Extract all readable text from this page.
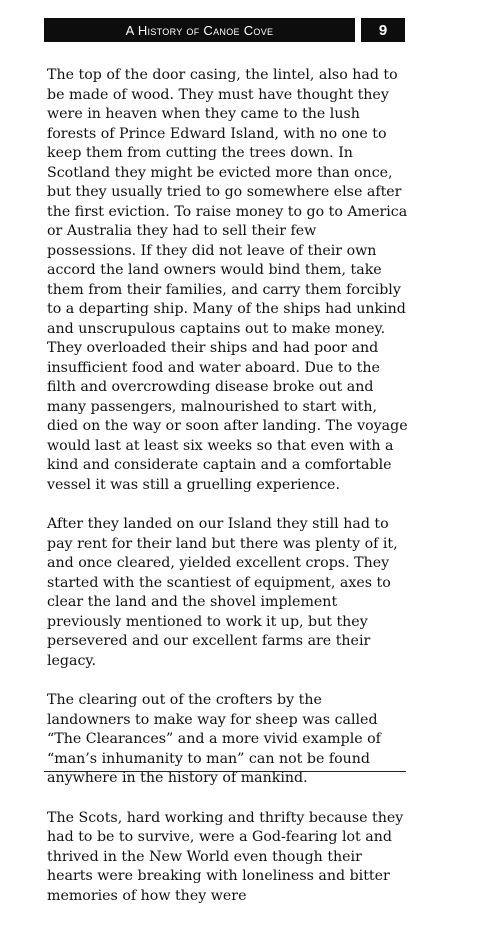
A History of Canoe Cove	9

The top of the door casing, the lintel, also had to be made of wood. They must have thought they were in heaven when they came to the lush forests of Prince Edward Island, with no one to keep them from cutting the trees down. In Scotland they might be evicted more than once, but they usually tried to go somewhere else after the first eviction. To raise money to go to America or Australia they had to sell their few possessions. If they did not leave of their own accord the land owners would bind them, take them from their families, and carry them forcibly to a departing ship. Many of the ships had unkind and unscrupulous captains out to make money. They overloaded their ships and had poor and insufficient food and water aboard. Due to the filth and overcrowding disease broke out and many passengers, malnourished to start with, died on the way or soon after landing. The voyage would last at least six weeks so that even with a kind and considerate captain and a comfortable vessel it was still a gruelling experience.

After they landed on our Island they still had to pay rent for their land but there was plenty of it, and once cleared, yielded excellent crops. They started with the scantiest of equipment, axes to clear the land and the shovel implement previously mentioned to work it up, but they persevered and our excellent farms are their legacy.

The clearing out of the crofters by the landowners to make way for sheep was called “The Clearances” and a more vivid example of “man’s inhumanity to man” can not be found anywhere in the history of mankind.

The Scots, hard working and thrifty because they had to be to survive, were a God-fearing lot and thrived in the New World even though their hearts were breaking with loneliness and bitter memories of how they were
